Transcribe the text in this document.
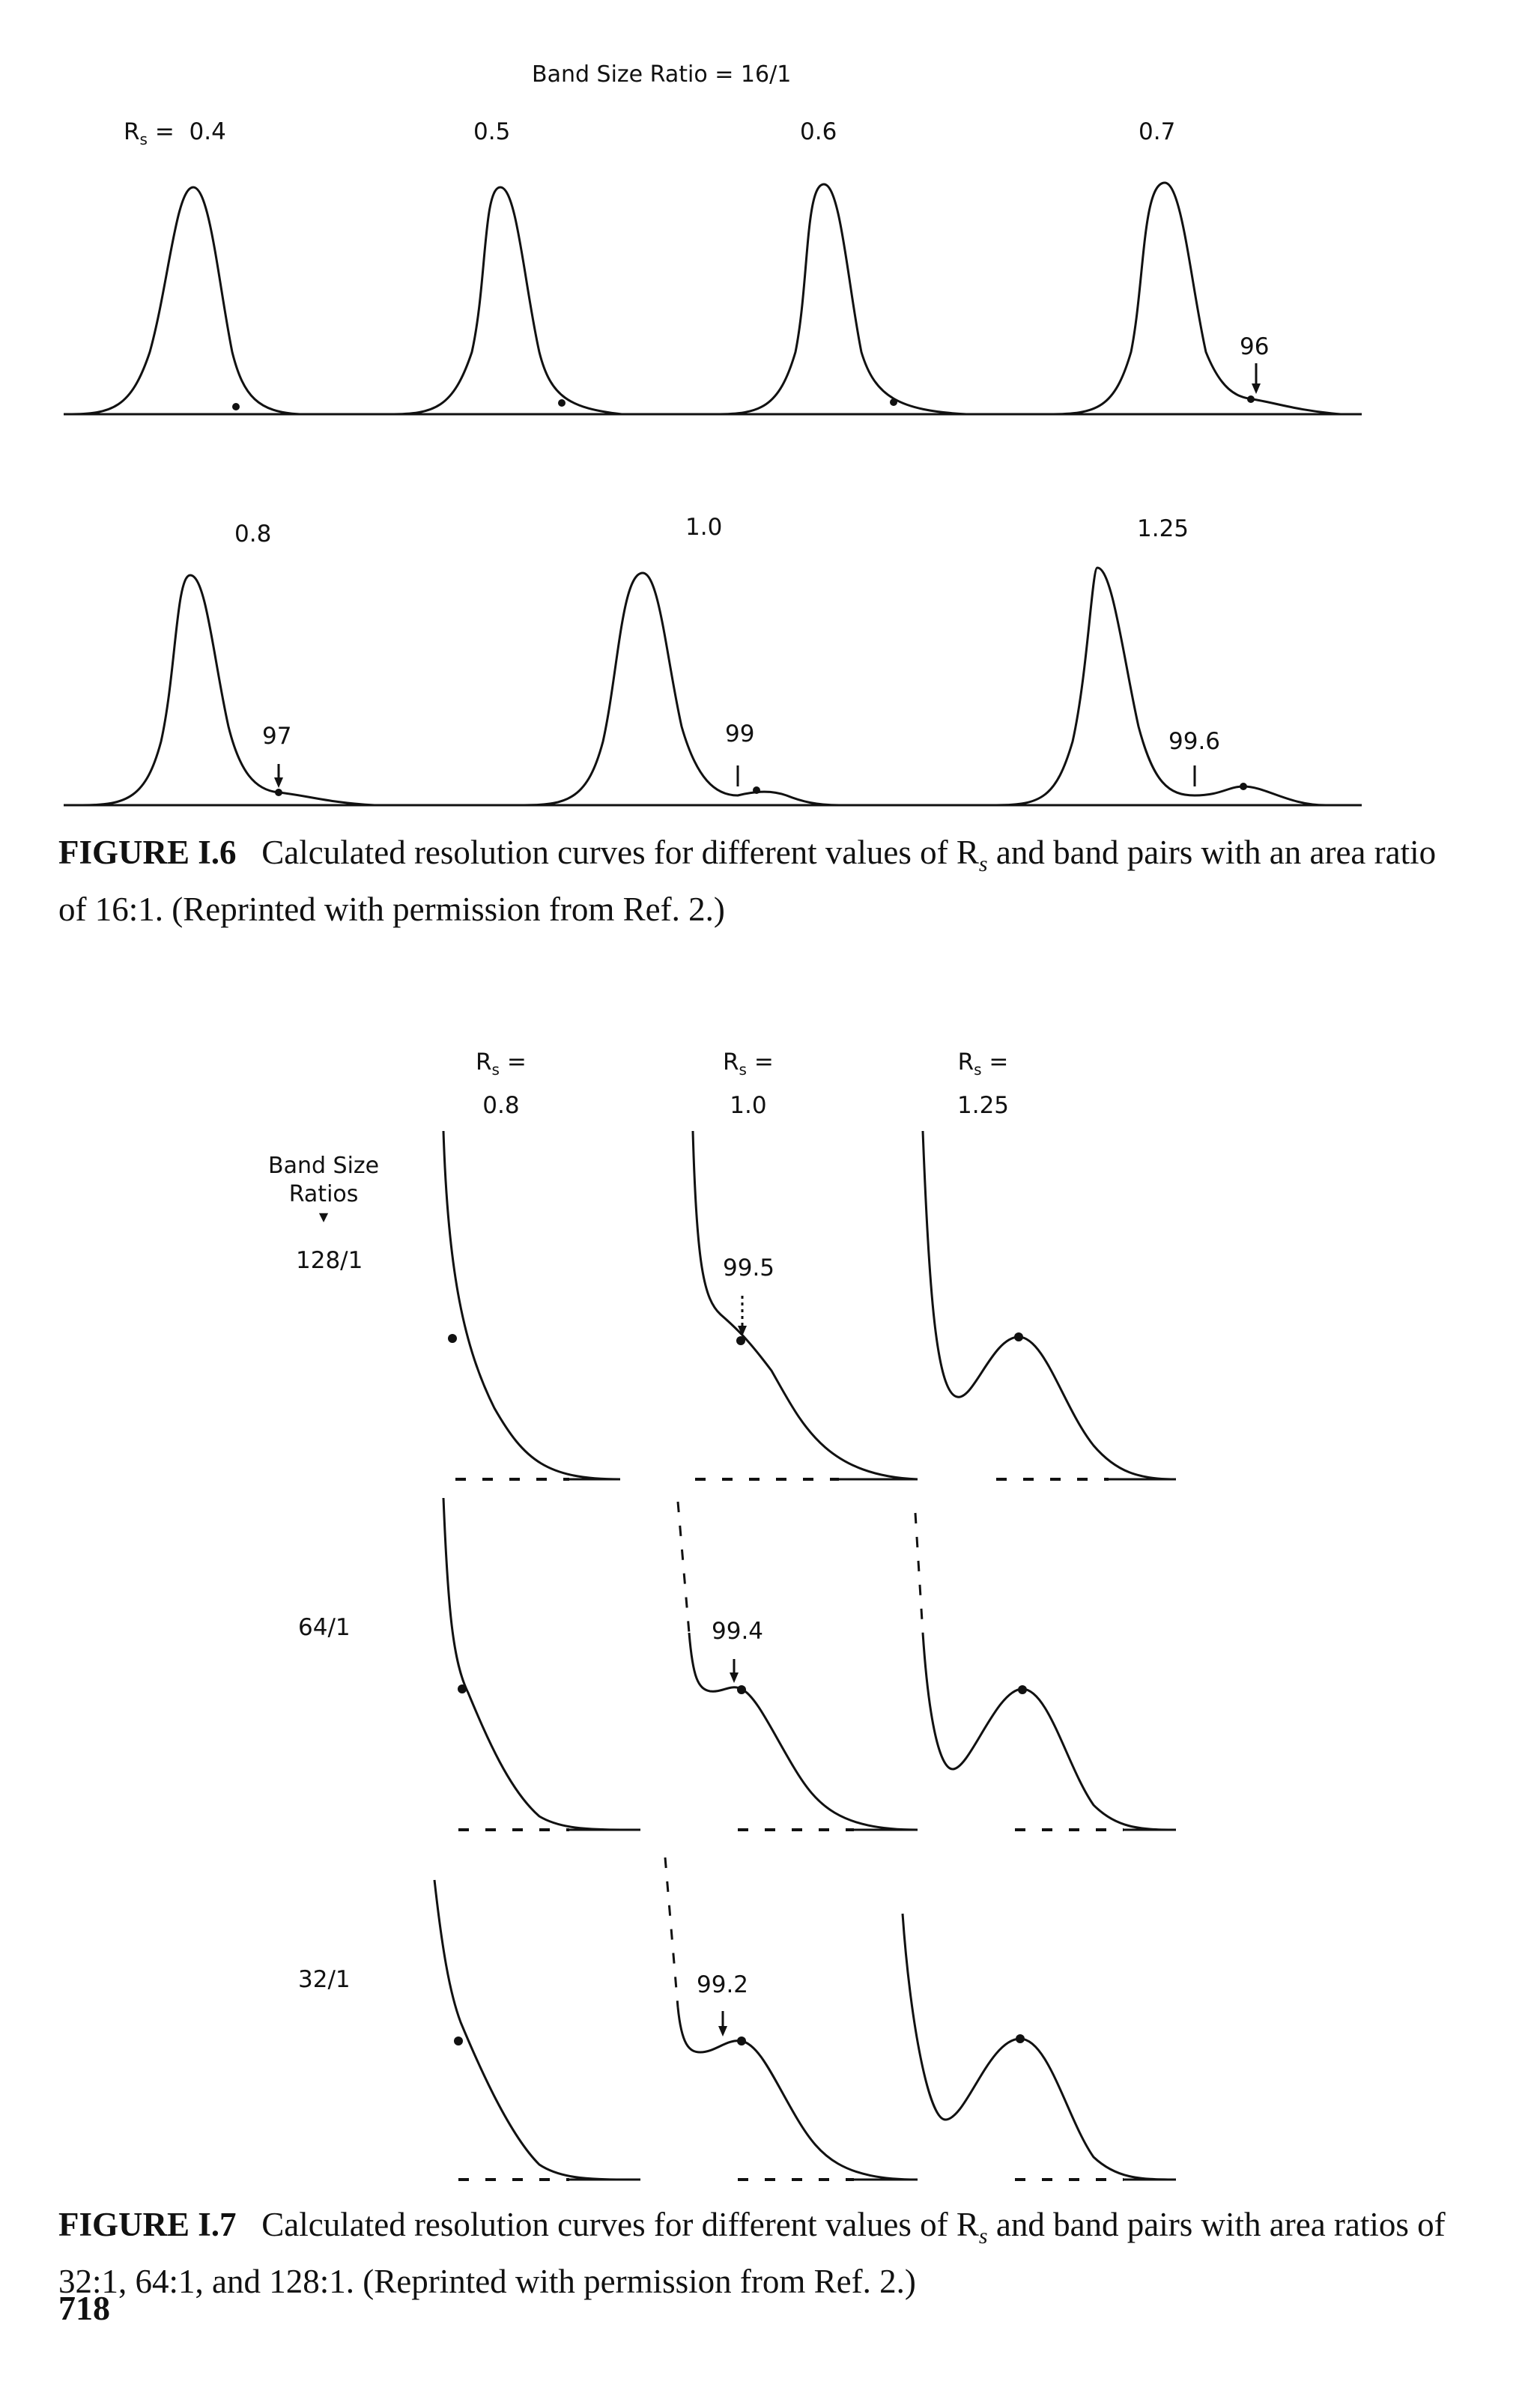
Band Size Ratio = 16/1
$R_s = 0.4$	0.5	0.6	0.7
0.8	1.0	1.25
96
97	99	99.6
FIGURE I.6 Calculated resolution curves for different values of $R_s$ and band pairs with an area ratio of 16:1. (Reprinted with permission from Ref. 2.)
$R_s$ =
0.8
$R_s$ =
1.0
$R_s$ =
1.25
Band Size
Ratios
▼
128/1
64/1
32/1
99.5
99.4
99.2
FIGURE I.7 Calculated resolution curves for different values of $R_s$ and band pairs with area ratios of 32:1, 64:1, and 128:1. (Reprinted with permission from Ref. 2.)
718
